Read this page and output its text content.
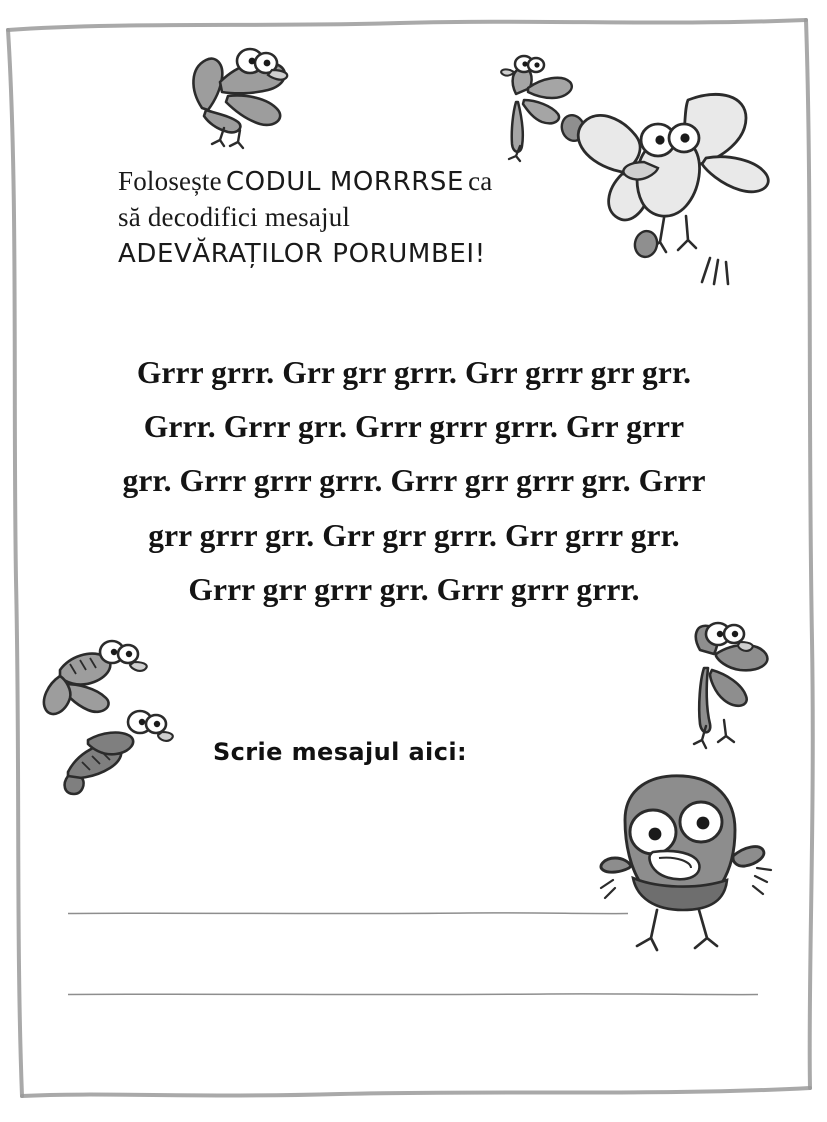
Folosește CODUL MORRRSE ca
să decodifici mesajul
ADEVĂRAȚILOR PORUMBEI!
Grrr grrr. Grr grr grrr. Grr grrr grr grr.
Grrr. Grrr grr. Grrr grrr grrr. Grr grrr
grr. Grrr grrr grrr. Grrr grr grrr grr. Grrr
grr grrr grr. Grr grr grrr. Grr grrr grr.
Grrr grr grrr grr. Grrr grrr grrr.
Scrie mesajul aici:
